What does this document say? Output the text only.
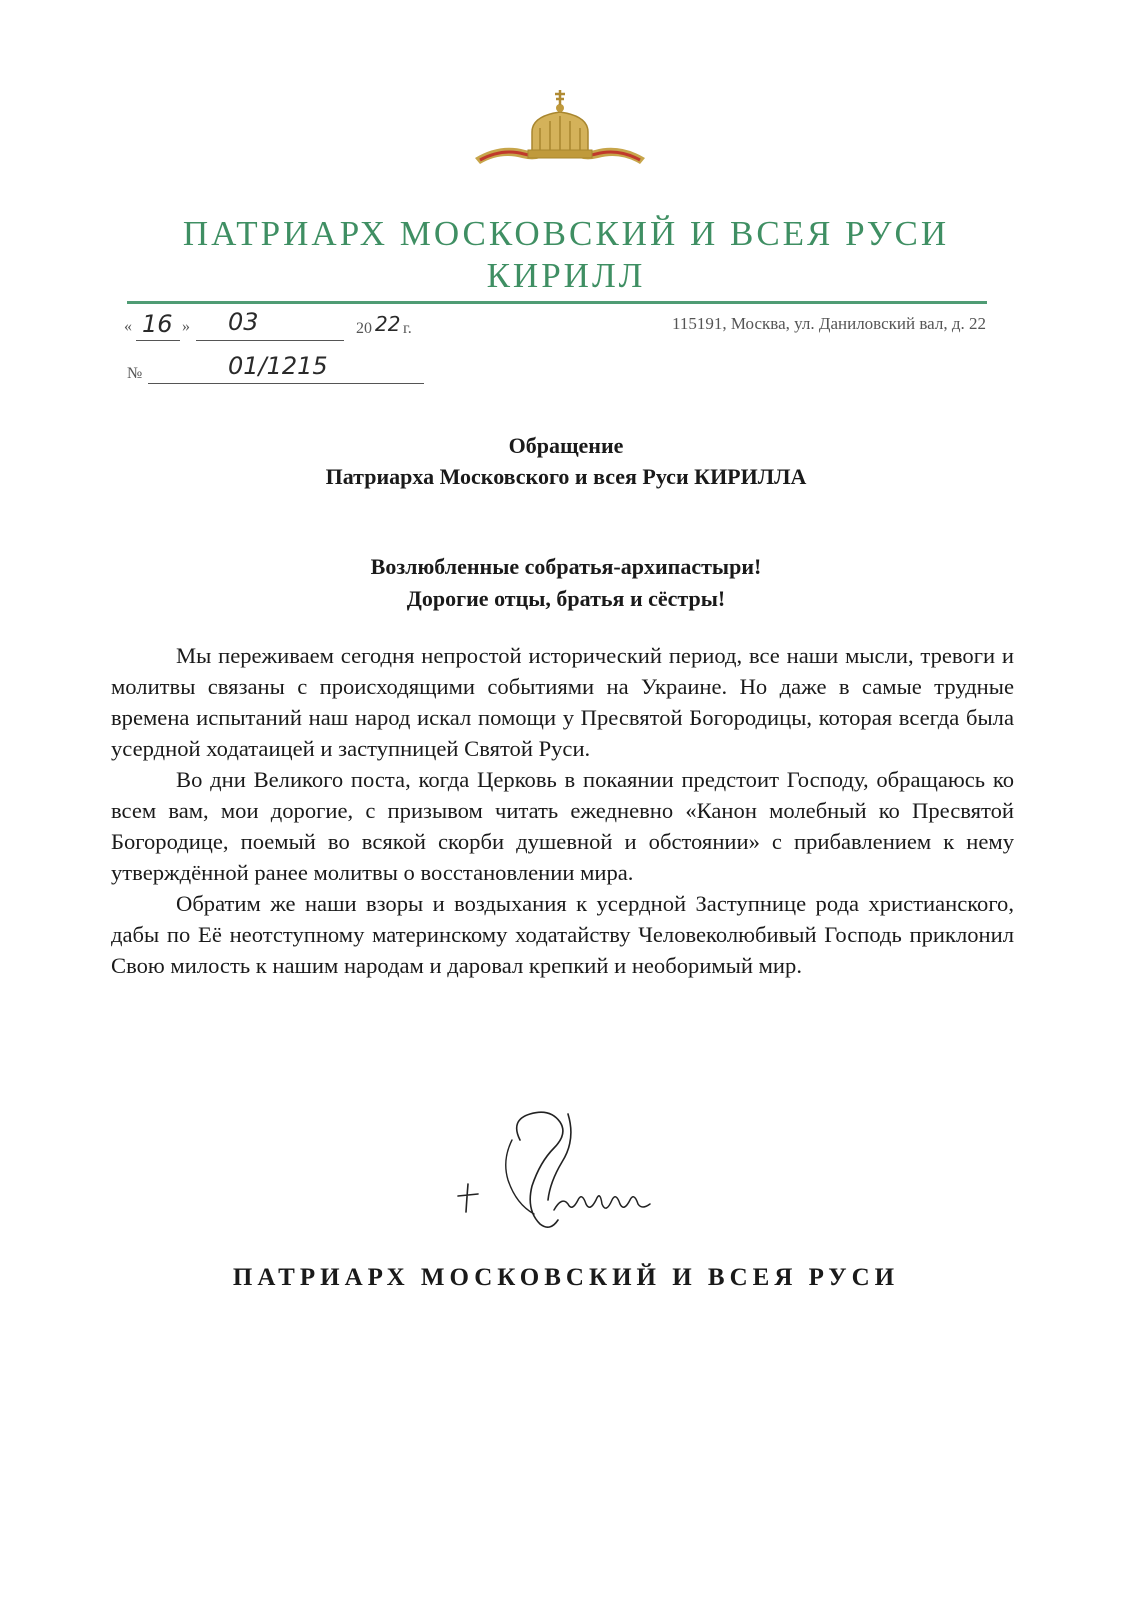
ПАТРИАРХ МОСКОВСКИЙ И ВСЕЯ РУСИ
КИРИЛЛ
« 16 » 03	20 22 г.	115191, Москва, ул. Даниловский вал, д. 22
№	01/1215
Обращение
Патриарха Московского и всея Руси КИРИЛЛА
Возлюбленные собратья-архипастыри!
Дорогие отцы, братья и сёстры!

Мы переживаем сегодня непростой исторический период, все наши мысли, тревоги и молитвы связаны с происходящими событиями на Украине. Но даже в самые трудные времена испытаний наш народ искал помощи у Пресвятой Богородицы, которая всегда была усердной ходатаицей и заступницей Святой Руси.

Во дни Великого поста, когда Церковь в покаянии предстоит Господу, обращаюсь ко всем вам, мои дорогие, с призывом читать ежедневно «Канон молебный ко Пресвятой Богородице, поемый во всякой скорби душевной и обстоянии» с прибавлением к нему утверждённой ранее молитвы о восстановлении мира.

Обратим же наши взоры и воздыхания к усердной Заступнице рода христианского, дабы по Её неотступному материнскому ходатайству Человеколюбивый Господь приклонил Свою милость к нашим народам и даровал крепкий и необоримый мир.

ПАТРИАРХ МОСКОВСКИЙ И ВСЕЯ РУСИ
